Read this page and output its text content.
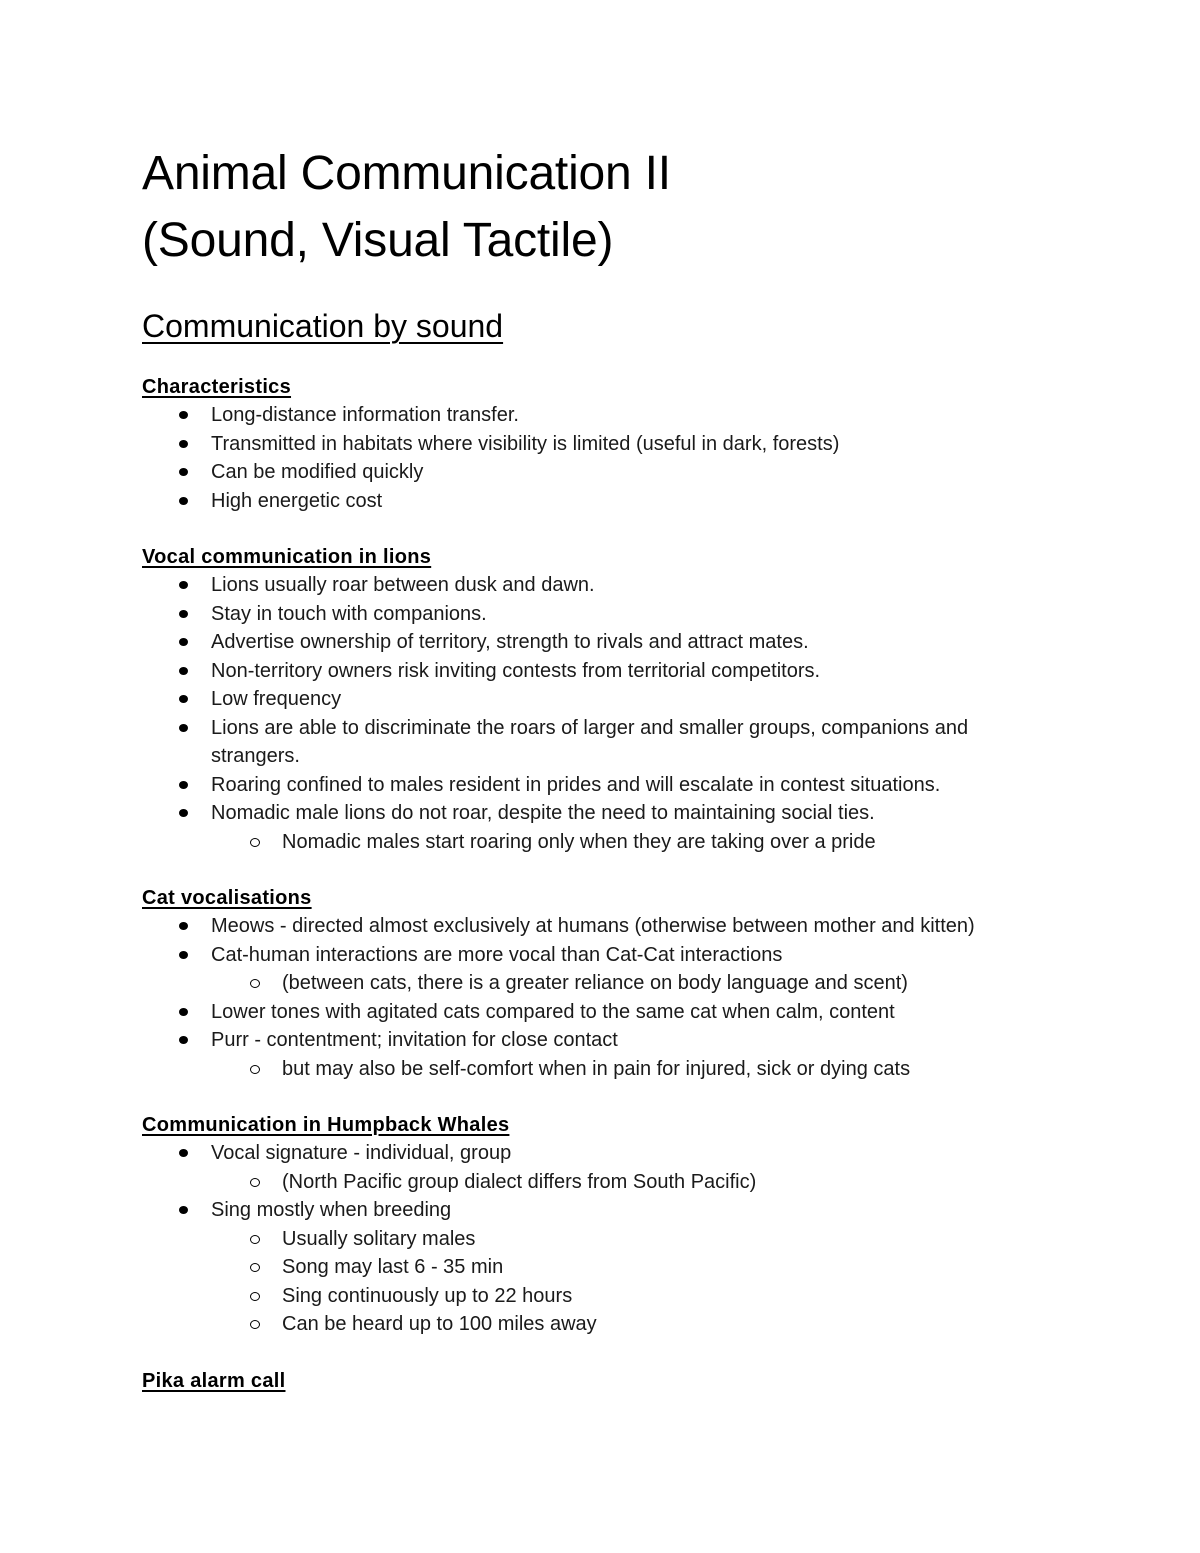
Animal Communication II
(Sound, Visual Tactile)
Communication by sound
Characteristics
Long-distance information transfer.
Transmitted in habitats where visibility is limited (useful in dark, forests)
Can be modified quickly
High energetic cost
Vocal communication in lions
Lions usually roar between dusk and dawn.
Stay in touch with companions.
Advertise ownership of territory, strength to rivals and attract mates.
Non-territory owners risk inviting contests from territorial competitors.
Low frequency
Lions are able to discriminate the roars of larger and smaller groups, companions and strangers.
Roaring confined to males resident in prides and will escalate in contest situations.
Nomadic male lions do not roar, despite the need to maintaining social ties.
Nomadic males start roaring only when they are taking over a pride
Cat vocalisations
Meows - directed almost exclusively at humans (otherwise between mother and kitten)
Cat-human interactions are more vocal than Cat-Cat interactions
(between cats, there is a greater reliance on body language and scent)
Lower tones with agitated cats compared to the same cat when calm, content
Purr - contentment; invitation for close contact
but may also be self-comfort when in pain for injured, sick or dying cats
Communication in Humpback Whales
Vocal signature - individual, group
(North Pacific group dialect differs from South Pacific)
Sing mostly when breeding
Usually solitary males
Song may last 6 - 35 min
Sing continuously up to 22 hours
Can be heard up to 100 miles away
Pika alarm call
